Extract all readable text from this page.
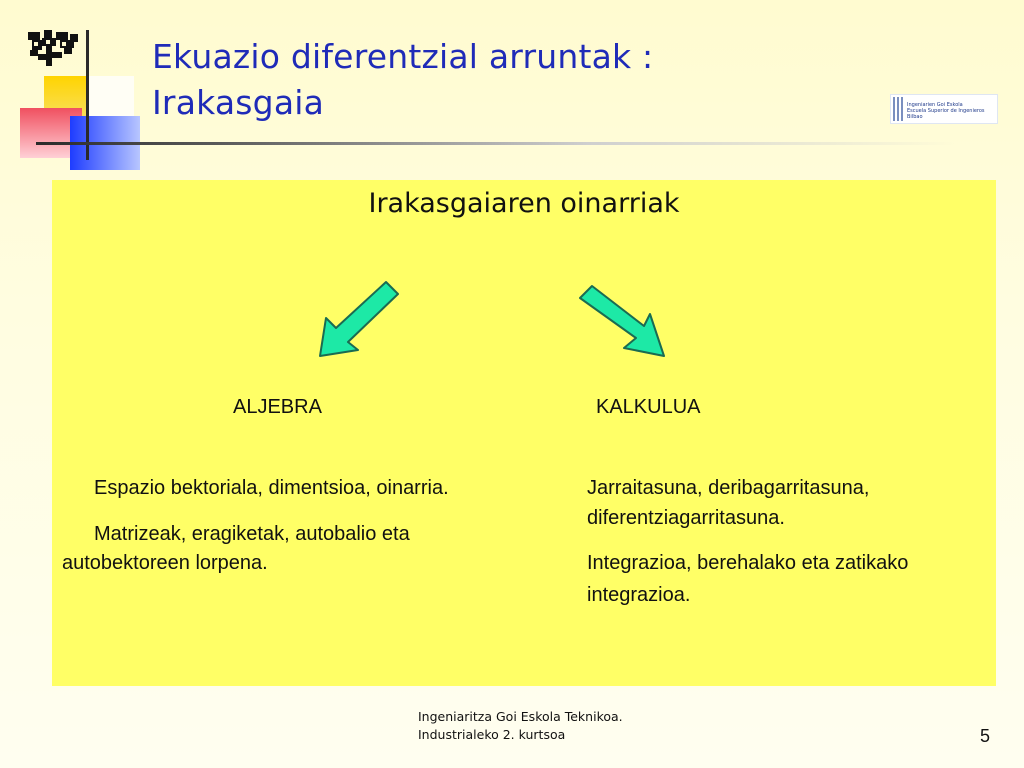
Ekuazio diferentzial arruntak :
Irakasgaia	Ingeniarien Goi Eskola
Escuela Superior de Ingenieros
Bilbao
Irakasgaiaren oinarriak
ALJEBRA
Espazio bektoriala, dimentsioa, oinarria.
Matrizeak, eragiketak, autobalio eta
autobektoreen lorpena.
KALKULUA
Jarraitasuna, deribagarritasuna,
diferentziagarritasuna.
Integrazioa, berehalako eta zatikako
integrazioa.
Ingeniaritza Goi Eskola Teknikoa.
Industrialeko 2. kurtsoa	5
